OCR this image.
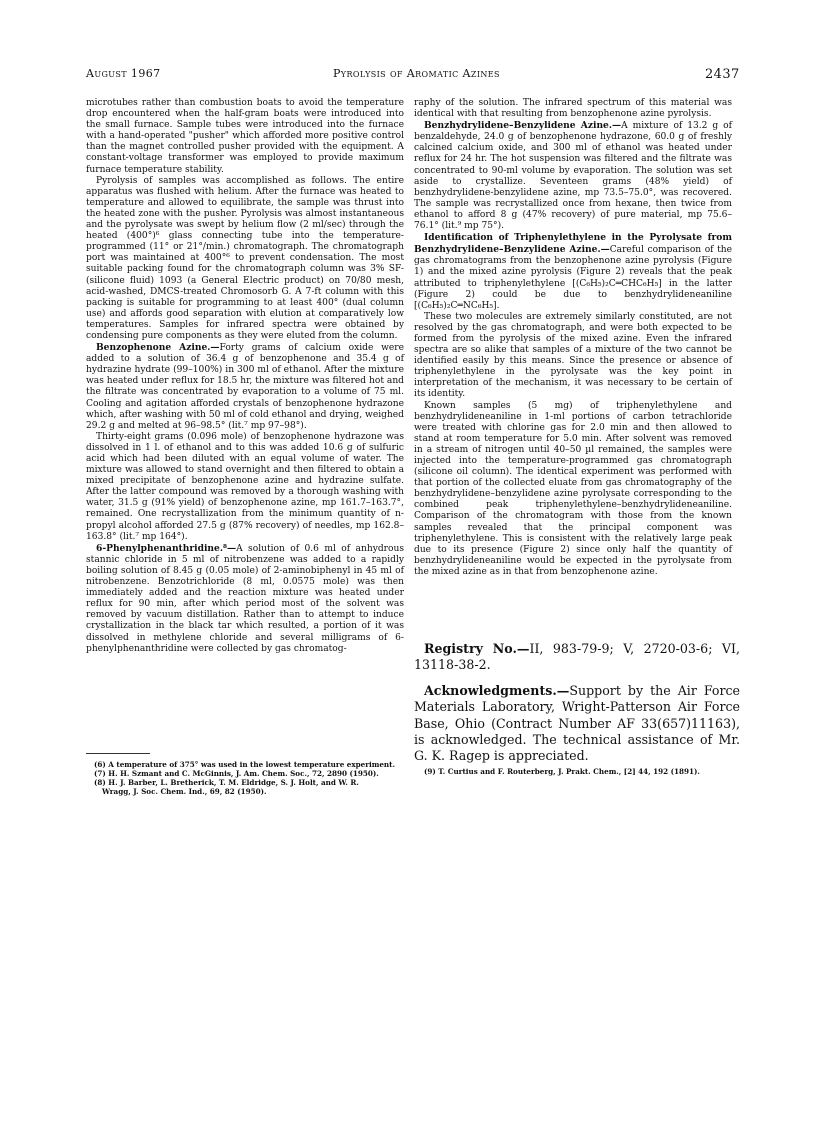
August 1967	Pyrolysis of Aromatic Azines	2437

microtubes rather than combustion boats to avoid the temperature drop encountered when the half-gram boats were introduced into the small furnace. Sample tubes were introduced into the furnace with a hand-operated "pusher" which afforded more positive control than the magnet controlled pusher provided with the equipment. A constant-voltage transformer was employed to provide maximum furnace temperature stability.

Pyrolysis of samples was accomplished as follows. The entire apparatus was flushed with helium. After the furnace was heated to temperature and allowed to equilibrate, the sample was thrust into the heated zone with the pusher. Pyrolysis was almost instantaneous and the pyrolysate was swept by helium flow (2 ml/sec) through the heated (400°)⁶ glass connecting tube into the temperature-programmed (11° or 21°/min.) chromatograph. The chromatograph port was maintained at 400°⁶ to prevent condensation. The most suitable packing found for the chromatograph column was 3% SF- (silicone fluid) 1093 (a General Electric product) on 70/80 mesh, acid-washed, DMCS-treated Chromosorb G. A 7-ft column with this packing is suitable for programming to at least 400° (dual column use) and affords good separation with elution at comparatively low temperatures. Samples for infrared spectra were obtained by condensing pure components as they were eluted from the column.

Benzophenone Azine.—Forty grams of calcium oxide were added to a solution of 36.4 g of benzophenone and 35.4 g of hydrazine hydrate (99–100%) in 300 ml of ethanol. After the mixture was heated under reflux for 18.5 hr, the mixture was filtered hot and the filtrate was concentrated by evaporation to a volume of 75 ml. Cooling and agitation afforded crystals of benzophenone hydrazone which, after washing with 50 ml of cold ethanol and drying, weighed 29.2 g and melted at 96–98.5° (lit.⁷ mp 97–98°).

Thirty-eight grams (0.096 mole) of benzophenone hydrazone was dissolved in 1 l. of ethanol and to this was added 10.6 g of sulfuric acid which had been diluted with an equal volume of water. The mixture was allowed to stand overnight and then filtered to obtain a mixed precipitate of benzophenone azine and hydrazine sulfate. After the latter compound was removed by a thorough washing with water, 31.5 g (91% yield) of benzophenone azine, mp 161.7–163.7°, remained. One recrystallization from the minimum quantity of n-propyl alcohol afforded 27.5 g (87% recovery) of needles, mp 162.8–163.8° (lit.⁷ mp 164°).

6-Phenylphenanthridine.⁸—A solution of 0.6 ml of anhydrous stannic chloride in 5 ml of nitrobenzene was added to a rapidly boiling solution of 8.45 g (0.05 mole) of 2-aminobiphenyl in 45 ml of nitrobenzene. Benzotrichloride (8 ml, 0.0575 mole) was then immediately added and the reaction mixture was heated under reflux for 90 min, after which period most of the solvent was removed by vacuum distillation. Rather than to attempt to induce crystallization in the black tar which resulted, a portion of it was dissolved in methylene chloride and several milligrams of 6-phenylphenanthridine were collected by gas chromatog-

(6) A temperature of 375° was used in the lowest temperature experiment.
(7) H. H. Szmant and C. McGinnis, J. Am. Chem. Soc., 72, 2890 (1950).
(8) H. J. Barber, L. Bretherick, T. M. Eldridge, S. J. Holt, and W. R.
Wragg, J. Soc. Chem. Ind., 69, 82 (1950).

raphy of the solution. The infrared spectrum of this material was identical with that resulting from benzophenone azine pyrolysis.

Benzhydrylidene–Benzylidene Azine.—A mixture of 13.2 g of benzaldehyde, 24.0 g of benzophenone hydrazone, 60.0 g of freshly calcined calcium oxide, and 300 ml of ethanol was heated under reflux for 24 hr. The hot suspension was filtered and the filtrate was concentrated to 90-ml volume by evaporation. The solution was set aside to crystallize. Seventeen grams (48% yield) of benzhydrylidene-benzylidene azine, mp 73.5–75.0°, was recovered. The sample was recrystallized once from hexane, then twice from ethanol to afford 8 g (47% recovery) of pure material, mp 75.6–76.1° (lit.⁹ mp 75°).

Identification of Triphenylethylene in the Pyrolysate from Benzhydrylidene–Benzylidene Azine.—Careful comparison of the gas chromatograms from the benzophenone azine pyrolysis (Figure 1) and the mixed azine pyrolysis (Figure 2) reveals that the peak attributed to triphenylethylene [(C₆H₅)₂C═CHC₆H₅] in the latter (Figure 2) could be due to benzhydrylideneaniline [(C₆H₅)₂C═NC₆H₅].

These two molecules are extremely similarly constituted, are not resolved by the gas chromatograph, and were both expected to be formed from the pyrolysis of the mixed azine. Even the infrared spectra are so alike that samples of a mixture of the two cannot be identified easily by this means. Since the presence or absence of triphenylethylene in the pyrolysate was the key point in interpretation of the mechanism, it was necessary to be certain of its identity.

Known samples (5 mg) of triphenylethylene and benzhydrylideneaniline in 1-ml portions of carbon tetrachloride were treated with chlorine gas for 2.0 min and then allowed to stand at room temperature for 5.0 min. After solvent was removed in a stream of nitrogen until 40–50 µl remained, the samples were injected into the temperature-programmed gas chromatograph (silicone oil column). The identical experiment was performed with that portion of the collected eluate from gas chromatography of the benzhydrylidene–benzylidene azine pyrolysate corresponding to the combined peak triphenylethylene–benzhydrylideneaniline. Comparison of the chromatogram with those from the known samples revealed that the principal component was triphenylethylene. This is consistent with the relatively large peak due to its presence (Figure 2) since only half the quantity of benzhydrylideneaniline would be expected in the pyrolysate from the mixed azine as in that from benzophenone azine.

Registry No.—II, 983-79-9; V, 2720-03-6; VI, 13118-38-2.
Acknowledgments.—Support by the Air Force Materials Laboratory, Wright-Patterson Air Force Base, Ohio (Contract Number AF 33(657)11163), is acknowledged. The technical assistance of Mr. G. K. Ragep is appreciated.
(9) T. Curtius and F. Routerberg, J. Prakt. Chem., [2] 44, 192 (1891).
